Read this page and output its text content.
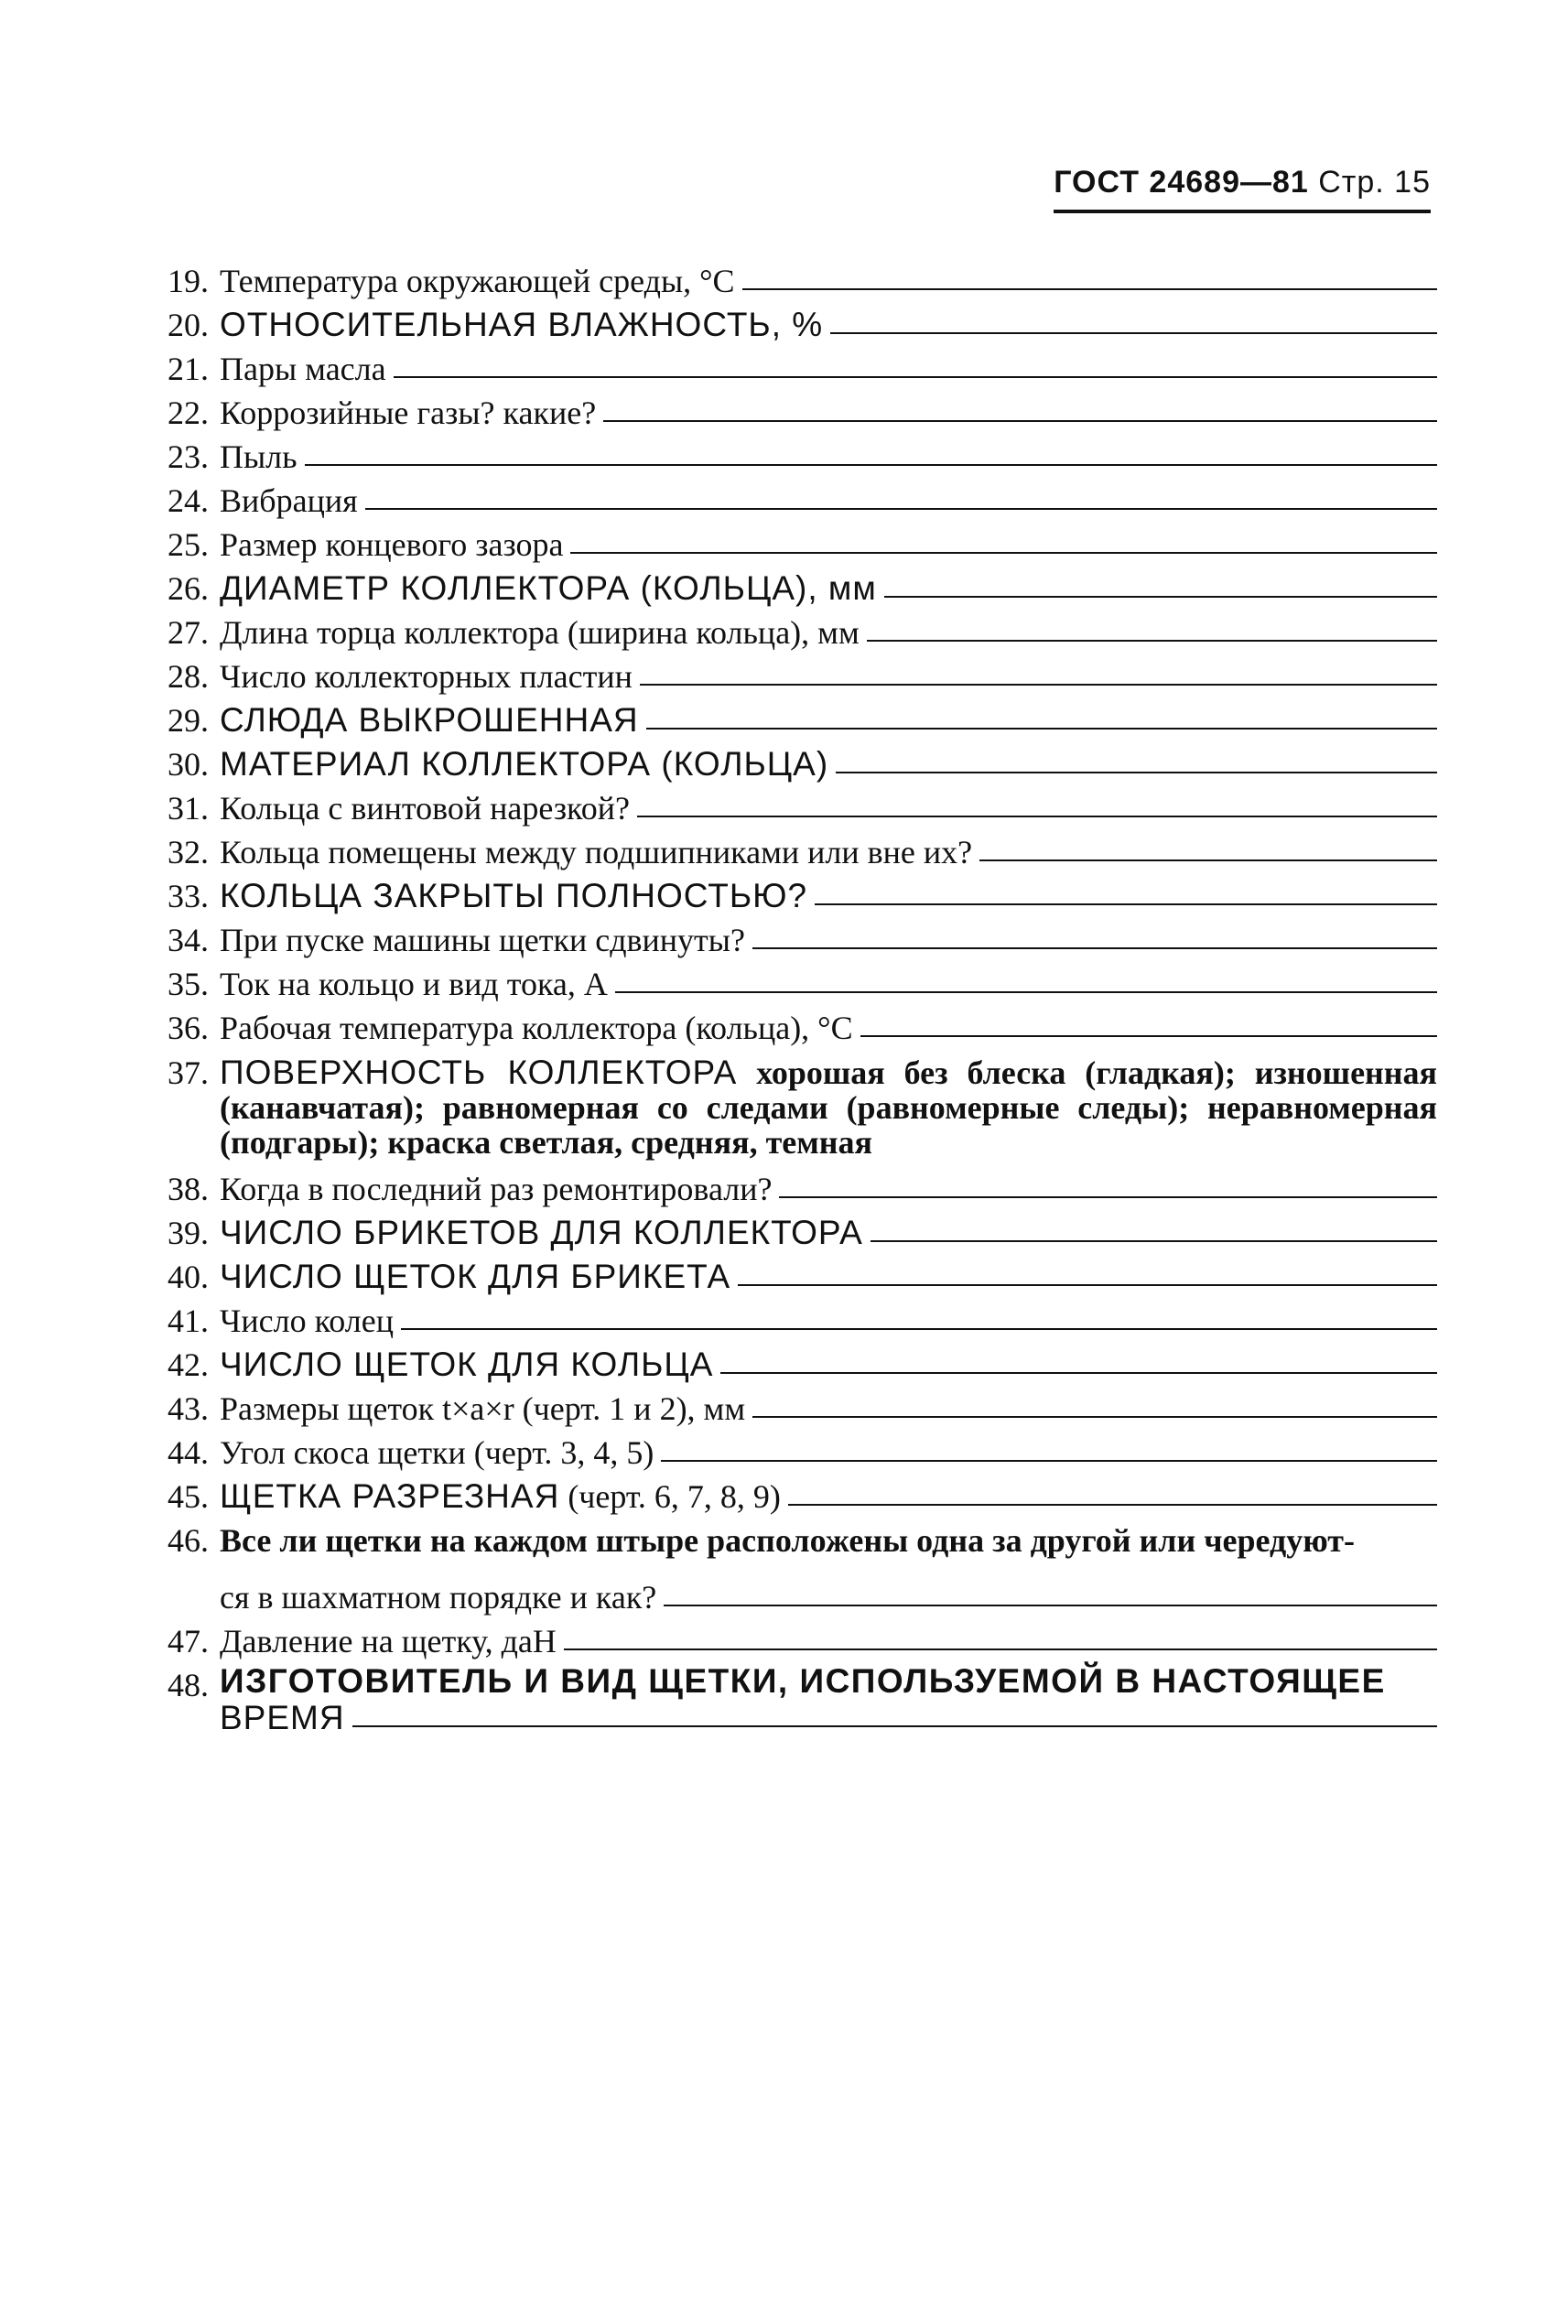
ГОСТ 24689—81 Стр. 15
19. Температура окружающей среды, °С
20. ОТНОСИТЕЛЬНАЯ ВЛАЖНОСТЬ, %
21. Пары масла
22. Коррозийные газы? какие?
23. Пыль
24. Вибрация
25. Размер концевого зазора
26. ДИАМЕТР КОЛЛЕКТОРА (КОЛЬЦА), мм
27. Длина торца коллектора (ширина кольца), мм
28. Число коллекторных пластин
29. СЛЮДА ВЫКРОШЕННАЯ
30. МАТЕРИАЛ КОЛЛЕКТОРА (КОЛЬЦА)
31. Кольца с винтовой нарезкой?
32. Кольца помещены между подшипниками или вне их?
33. КОЛЬЦА ЗАКРЫТЫ ПОЛНОСТЬЮ?
34. При пуске машины щетки сдвинуты?
35. Ток на кольцо и вид тока, А
36. Рабочая температура коллектора (кольца), °С
37. ПОВЕРХНОСТЬ КОЛЛЕКТОРА хорошая без блеска (гладкая); изношенная (канавчатая); равномерная со следами (равномерные следы); неравномерная (подгары); краска светлая, средняя, темная
38. Когда в последний раз ремонтировали?
39. ЧИСЛО БРИКЕТОВ ДЛЯ КОЛЛЕКТОРА
40. ЧИСЛО ЩЕТОК ДЛЯ БРИКЕТА
41. Число колец
42. ЧИСЛО ЩЕТОК ДЛЯ КОЛЬЦА
43. Размеры щеток t×a×r (черт. 1 и 2), мм
44. Угол скоса щетки (черт. 3, 4, 5)
45. ЩЕТКА РАЗРЕЗНАЯ (черт. 6, 7, 8, 9)
46. Все ли щетки на каждом штыре расположены одна за другой или чередуют-
ся в шахматном порядке и как?
47. Давление на щетку, даН
48. ИЗГОТОВИТЕЛЬ И ВИД ЩЕТКИ, ИСПОЛЬЗУЕМОЙ В НАСТОЯЩЕЕ
ВРЕМЯ
